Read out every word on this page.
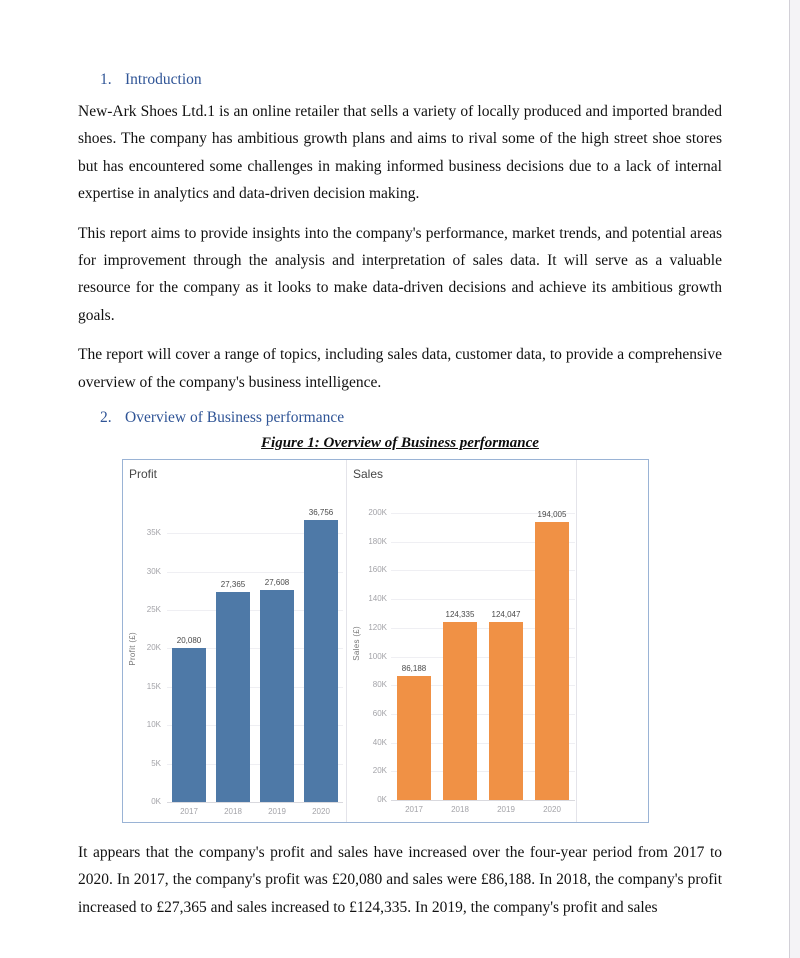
1. Introduction

New-Ark Shoes Ltd.1 is an online retailer that sells a variety of locally produced and imported branded shoes. The company has ambitious growth plans and aims to rival some of the high street shoe stores but has encountered some challenges in making informed business decisions due to a lack of internal expertise in analytics and data-driven decision making.

This report aims to provide insights into the company's performance, market trends, and potential areas for improvement through the analysis and interpretation of sales data. It will serve as a valuable resource for the company as it looks to make data-driven decisions and achieve its ambitious growth goals.

The report will cover a range of topics, including sales data, customer data, to provide a comprehensive overview of the company's business intelligence.

2. Overview of Business performance
Figure 1: Overview of Business performance
Profit
Profit (£)
0K
5K
10K
15K
20K
25K
30K
35K
20,080
2017
27,365
2018
27,608
2019
36,756
2020
Sales
Sales (£)
0K
20K
40K
60K
80K
100K
120K
140K
160K
180K
200K
86,188
2017
124,335
2018
124,047
2019
194,005
2020

It appears that the company's profit and sales have increased over the four-year period from 2017 to 2020. In 2017, the company's profit was £20,080 and sales were £86,188. In 2018, the company's profit increased to £27,365 and sales increased to £124,335. In 2019, the company's profit and sales
